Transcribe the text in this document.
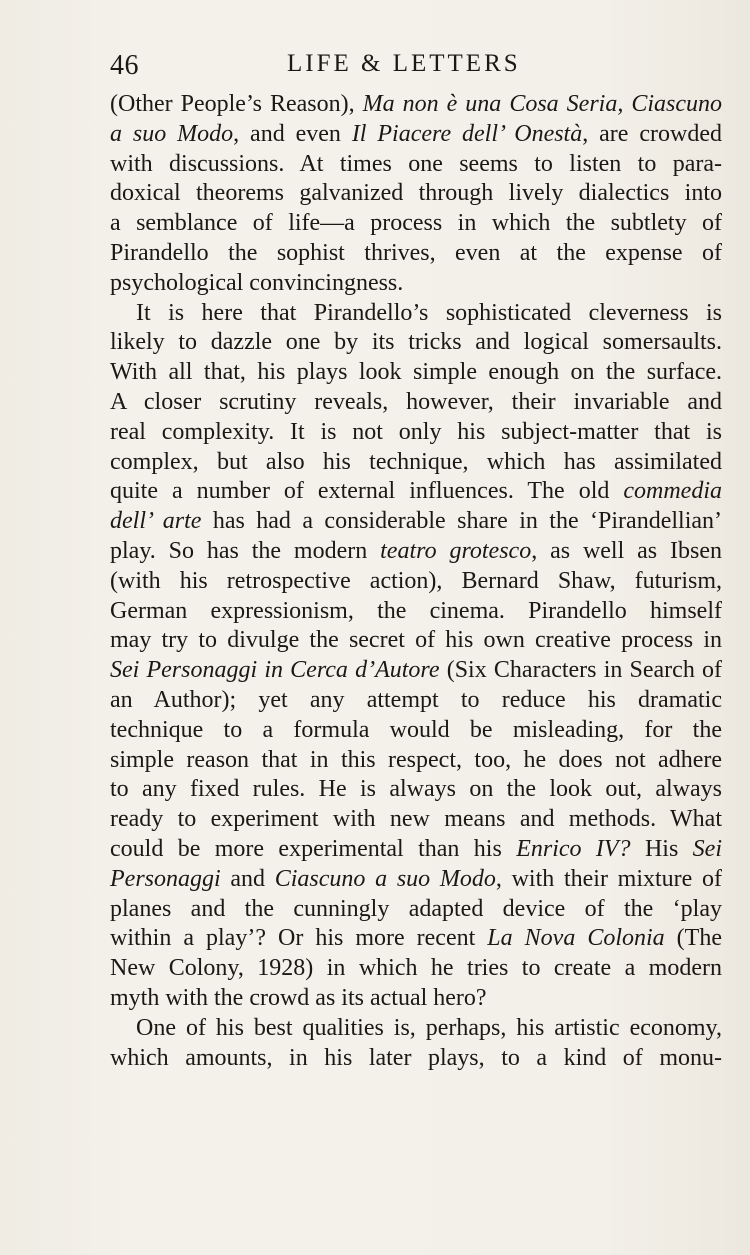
46	LIFE & LETTERS
(Other People’s Reason), Ma non è una Cosa Seria, Ciascuno
a suo Modo, and even Il Piacere dell’ Onestà, are crowded
with discussions. At times one seems to listen to para-
doxical theorems galvanized through lively dialectics into
a semblance of life—a process in which the subtlety of
Pirandello the sophist thrives, even at the expense of
psychological convincingness.
It is here that Pirandello’s sophisticated cleverness is
likely to dazzle one by its tricks and logical somersaults.
With all that, his plays look simple enough on the surface.
A closer scrutiny reveals, however, their invariable and
real complexity. It is not only his subject-matter that is
complex, but also his technique, which has assimilated
quite a number of external influences. The old commedia
dell’ arte has had a considerable share in the ‘Pirandellian’
play. So has the modern teatro grotesco, as well as Ibsen
(with his retrospective action), Bernard Shaw, futurism,
German expressionism, the cinema. Pirandello himself
may try to divulge the secret of his own creative process in
Sei Personaggi in Cerca d’Autore (Six Characters in Search of
an Author); yet any attempt to reduce his dramatic
technique to a formula would be misleading, for the
simple reason that in this respect, too, he does not adhere
to any fixed rules. He is always on the look out, always
ready to experiment with new means and methods. What
could be more experimental than his Enrico IV? His Sei
Personaggi and Ciascuno a suo Modo, with their mixture of
planes and the cunningly adapted device of the ‘play
within a play’? Or his more recent La Nova Colonia (The
New Colony, 1928) in which he tries to create a modern
myth with the crowd as its actual hero?
One of his best qualities is, perhaps, his artistic economy,
which amounts, in his later plays, to a kind of monu-
